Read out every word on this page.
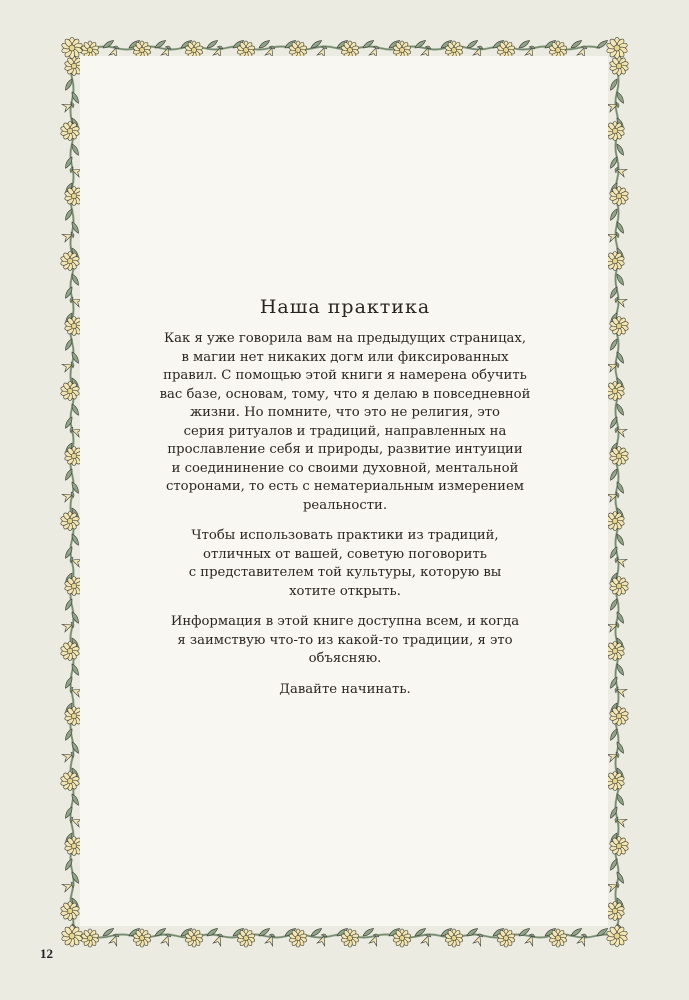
Наша практика

Как я уже говорила вам на предыдущих страницах,
в магии нет никаких догм или фиксированных
правил. С помощью этой книги я намерена обучить
вас базе, основам, тому, что я делаю в повседневной
жизни. Но помните, что это не религия, это
серия ритуалов и традиций, направленных на
прославление себя и природы, развитие интуиции
и соедининение со своими духовной, ментальной
сторонами, то есть с нематериальным измерением
реальности.

Чтобы использовать практики из традиций,
отличных от вашей, советую поговорить
с представителем той культуры, которую вы
хотите открыть.

Информация в этой книге доступна всем, и когда
я заимствую что-то из какой-то традиции, я это
объясняю.

Давайте начинать.

12
